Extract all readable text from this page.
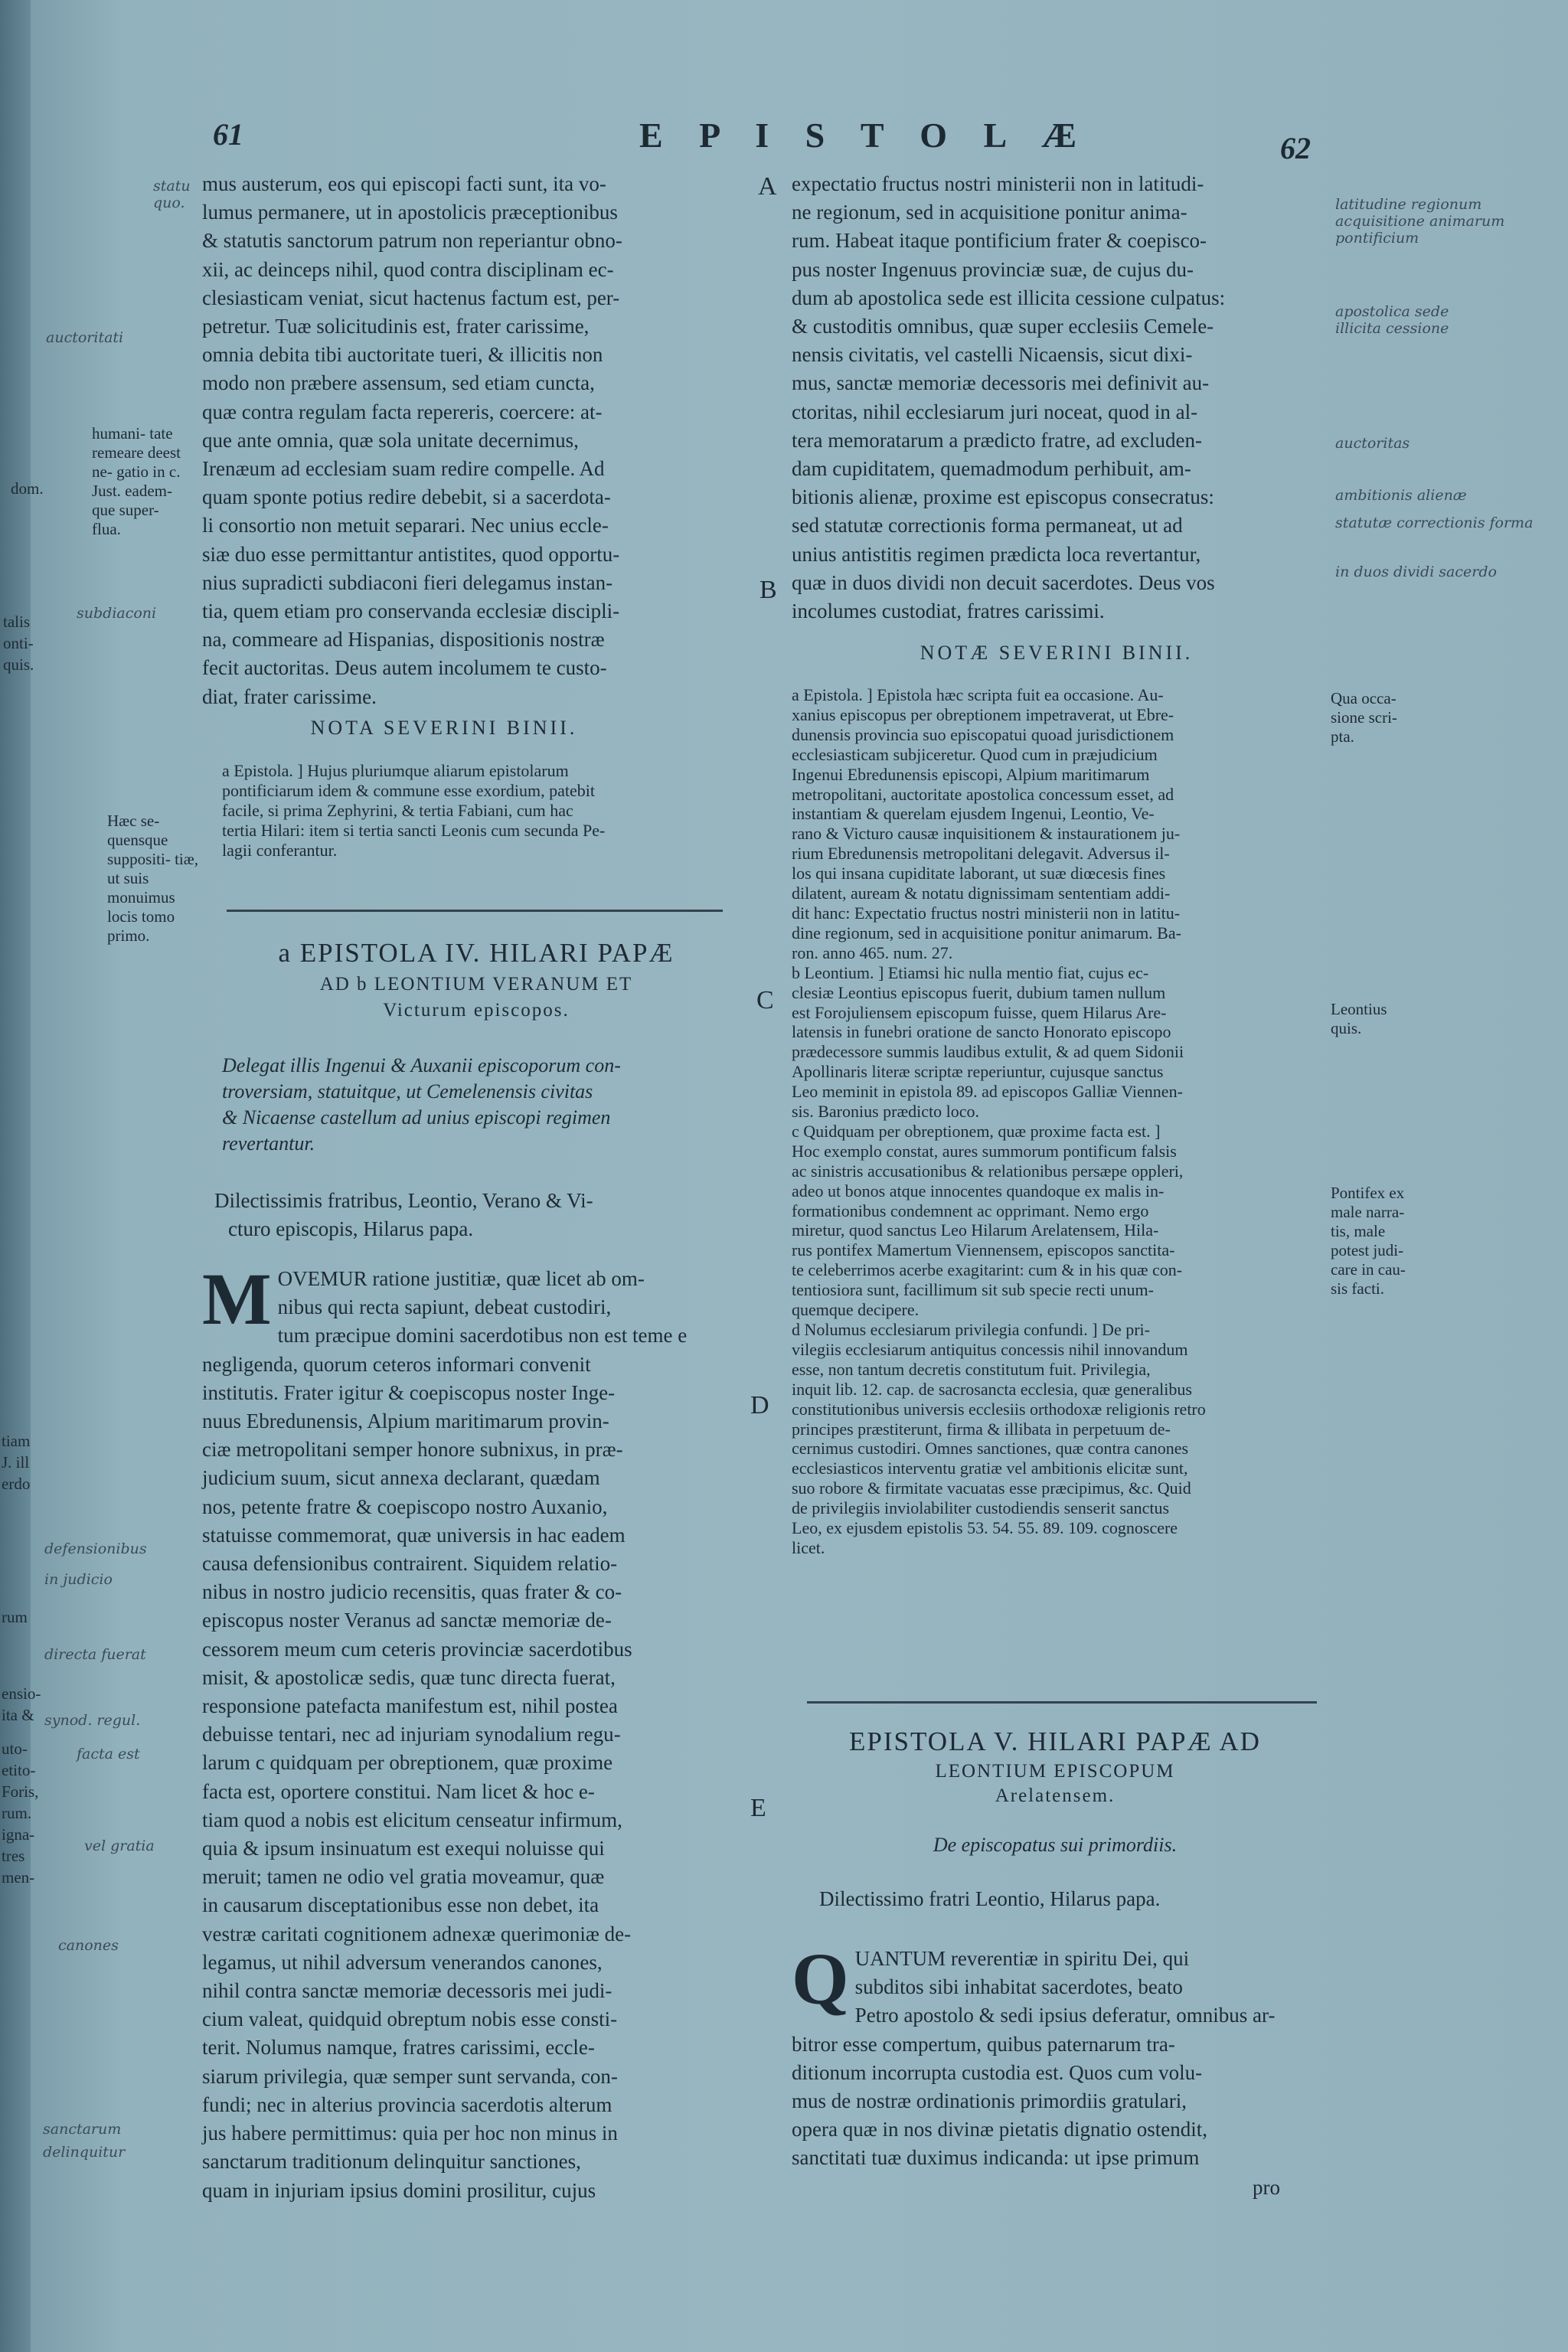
61	E P I S T O L Æ	62
A
B
C
D
E

mus austerum, eos qui episcopi facti sunt, ita vo-

lumus permanere, ut in apostolicis præceptionibus

& statutis sanctorum patrum non reperiantur obno-

xii, ac deinceps nihil, quod contra disciplinam ec-

clesiasticam veniat, sicut hactenus factum est, per-

petretur. Tuæ solicitudinis est, frater carissime,

omnia debita tibi auctoritate tueri, & illicitis non

modo non præbere assensum, sed etiam cuncta,

quæ contra regulam facta repereris, coercere: at-

que ante omnia, quæ sola unitate decernimus,

Irenæum ad ecclesiam suam redire compelle. Ad

quam sponte potius redire debebit, si a sacerdota-

li consortio non metuit separari. Nec unius eccle-

siæ duo esse permittantur antistites, quod opportu-

nius supradicti subdiaconi fieri delegamus instan-

tia, quem etiam pro conservanda ecclesiæ discipli-

na, commeare ad Hispanias, dispositionis nostræ

fecit auctoritas. Deus autem incolumem te custo-

diat, frater carissime.

NOTA SEVERINI BINII.

a Epistola. ] Hujus pluriumque aliarum epistolarum

pontificiarum idem & commune esse exordium, patebit

facile, si prima Zephyrini, & tertia Fabiani, cum hac

tertia Hilari: item si tertia sancti Leonis cum secunda Pe-

lagii conferantur.

a EPISTOLA IV. HILARI PAPÆ
AD b LEONTIUM VERANUM ET
Victurum episcopos.

Delegat illis Ingenui & Auxanii episcoporum con-

troversiam, statuitque, ut Cemelenensis civitas

& Nicaense castellum ad unius episcopi regimen

revertantur.

Dilectissimis fratribus, Leontio, Verano & Vi-

cturo episcopis, Hilarus papa.

M OVEMUR ratione justitiæ, quæ licet ab om-

nibus qui recta sapiunt, debeat custodiri,

tum præcipue domini sacerdotibus non est teme e

negligenda, quorum ceteros informari convenit

institutis. Frater igitur & coepiscopus noster Inge-

nuus Ebredunensis, Alpium maritimarum provin-

ciæ metropolitani semper honore subnixus, in præ-

judicium suum, sicut annexa declarant, quædam

nos, petente fratre & coepiscopo nostro Auxanio,

statuisse commemorat, quæ universis in hac eadem

causa defensionibus contrairent. Siquidem relatio-

nibus in nostro judicio recensitis, quas frater & co-

episcopus noster Veranus ad sanctæ memoriæ de-

cessorem meum cum ceteris provinciæ sacerdotibus

misit, & apostolicæ sedis, quæ tunc directa fuerat,

responsione patefacta manifestum est, nihil postea

debuisse tentari, nec ad injuriam synodalium regu-

larum c quidquam per obreptionem, quæ proxime

facta est, oportere constitui. Nam licet & hoc e-

tiam quod a nobis est elicitum censeatur infirmum,

quia & ipsum insinuatum est exequi noluisse qui

meruit; tamen ne odio vel gratia moveamur, quæ

in causarum disceptationibus esse non debet, ita

vestræ caritati cognitionem adnexæ querimoniæ de-

legamus, ut nihil adversum venerandos canones,

nihil contra sanctæ memoriæ decessoris mei judi-

cium valeat, quidquid obreptum nobis esse consti-

terit. Nolumus namque, fratres carissimi, eccle-

siarum privilegia, quæ semper sunt servanda, con-

fundi; nec in alterius provincia sacerdotis alterum

jus habere permittimus: quia per hoc non minus in

sanctarum traditionum delinquitur sanctiones,

quam in injuriam ipsius domini prosilitur, cujus

expectatio fructus nostri ministerii non in latitudi-

ne regionum, sed in acquisitione ponitur anima-

rum. Habeat itaque pontificium frater & coepisco-

pus noster Ingenuus provinciæ suæ, de cujus du-

dum ab apostolica sede est illicita cessione culpatus:

& custoditis omnibus, quæ super ecclesiis Cemele-

nensis civitatis, vel castelli Nicaensis, sicut dixi-

mus, sanctæ memoriæ decessoris mei definivit au-

ctoritas, nihil ecclesiarum juri noceat, quod in al-

tera memoratarum a prædicto fratre, ad excluden-

dam cupiditatem, quemadmodum perhibuit, am-

bitionis alienæ, proxime est episcopus consecratus:

sed statutæ correctionis forma permaneat, ut ad

unius antistitis regimen prædicta loca revertantur,

quæ in duos dividi non decuit sacerdotes. Deus vos

incolumes custodiat, fratres carissimi.

NOTÆ SEVERINI BINII.

a Epistola. ] Epistola hæc scripta fuit ea occasione. Au-

xanius episcopus per obreptionem impetraverat, ut Ebre-

dunensis provincia suo episcopatui quoad jurisdictionem

ecclesiasticam subjiceretur. Quod cum in præjudicium

Ingenui Ebredunensis episcopi, Alpium maritimarum

metropolitani, auctoritate apostolica concessum esset, ad

instantiam & querelam ejusdem Ingenui, Leontio, Ve-

rano & Victuro causæ inquisitionem & instaurationem ju-

rium Ebredunensis metropolitani delegavit. Adversus il-

los qui insana cupiditate laborant, ut suæ diœcesis fines

dilatent, auream & notatu dignissimam sententiam addi-

dit hanc: Expectatio fructus nostri ministerii non in latitu-

dine regionum, sed in acquisitione ponitur animarum. Ba-

ron. anno 465. num. 27.

b Leontium. ] Etiamsi hic nulla mentio fiat, cujus ec-

clesiæ Leontius episcopus fuerit, dubium tamen nullum

est Forojuliensem episcopum fuisse, quem Hilarus Are-

latensis in funebri oratione de sancto Honorato episcopo

prædecessore summis laudibus extulit, & ad quem Sidonii

Apollinaris literæ scriptæ reperiuntur, cujusque sanctus

Leo meminit in epistola 89. ad episcopos Galliæ Viennen-

sis. Baronius prædicto loco.

c Quidquam per obreptionem, quæ proxime facta est. ]

Hoc exemplo constat, aures summorum pontificum falsis

ac sinistris accusationibus & relationibus persæpe oppleri,

adeo ut bonos atque innocentes quandoque ex malis in-

formationibus condemnent ac opprimant. Nemo ergo

miretur, quod sanctus Leo Hilarum Arelatensem, Hila-

rus pontifex Mamertum Viennensem, episcopos sanctita-

te celeberrimos acerbe exagitarint: cum & in his quæ con-

tentiosiora sunt, facillimum sit sub specie recti unum-

quemque decipere.

d Nolumus ecclesiarum privilegia confundi. ] De pri-

vilegiis ecclesiarum antiquitus concessis nihil innovandum

esse, non tantum decretis constitutum fuit. Privilegia,

inquit lib. 12. cap. de sacrosancta ecclesia, quæ generalibus

constitutionibus universis ecclesiis orthodoxæ religionis retro

principes præstiterunt, firma & illibata in perpetuum de-

cernimus custodiri. Omnes sanctiones, quæ contra canones

ecclesiasticos interventu gratiæ vel ambitionis elicitæ sunt,

suo robore & firmitate vacuatas esse præcipimus, &c. Quid

de privilegiis inviolabiliter custodiendis senserit sanctus

Leo, ex ejusdem epistolis 53. 54. 55. 89. 109. cognoscere

licet.

EPISTOLA V. HILARI PAPÆ AD
LEONTIUM EPISCOPUM
Arelatensem.
De episcopatus sui primordiis.
Dilectissimo fratri Leontio, Hilarus papa.
Q UANTUM reverentiæ in spiritu Dei, qui

subditos sibi inhabitat sacerdotes, beato

Petro apostolo & sedi ipsius deferatur, omnibus ar-

bitror esse compertum, quibus paternarum tra-

ditionum incorrupta custodia est. Quos cum volu-

mus de nostræ ordinationis primordiis gratulari,

opera quæ in nos divinæ pietatis dignatio ostendit,

sanctitati tuæ duximus indicanda: ut ipse primum

pro
humani- tate remeare deest ne- gatio in c. Just. eadem- que super- flua.
Hæc se- quensque suppositi- tiæ, ut suis monuimus locis tomo primo.
Qua occa- sione scri- pta.
Leontius quis.
Pontifex ex male narra- tis, male potest judi- care in cau- sis facti.
dom.
talis
onti-
quis.
tiam
J. ill
erdo
rum
ensio-
ita &
uto-
etito-
Foris,
rum.
igna-
tres
men-
statu quo.	latitudine regionum acquisitione animarum
pontificium
apostolica sede illicita cessione
auctoritas
ambitionis alienæ
statutæ correctionis forma
in duos dividi sacerdo
auctoritati
subdiaconi
defensionibus
in judicio
directa fuerat
synod. regul.
facta est
vel gratia
canones
sanctarum
delinquitur
